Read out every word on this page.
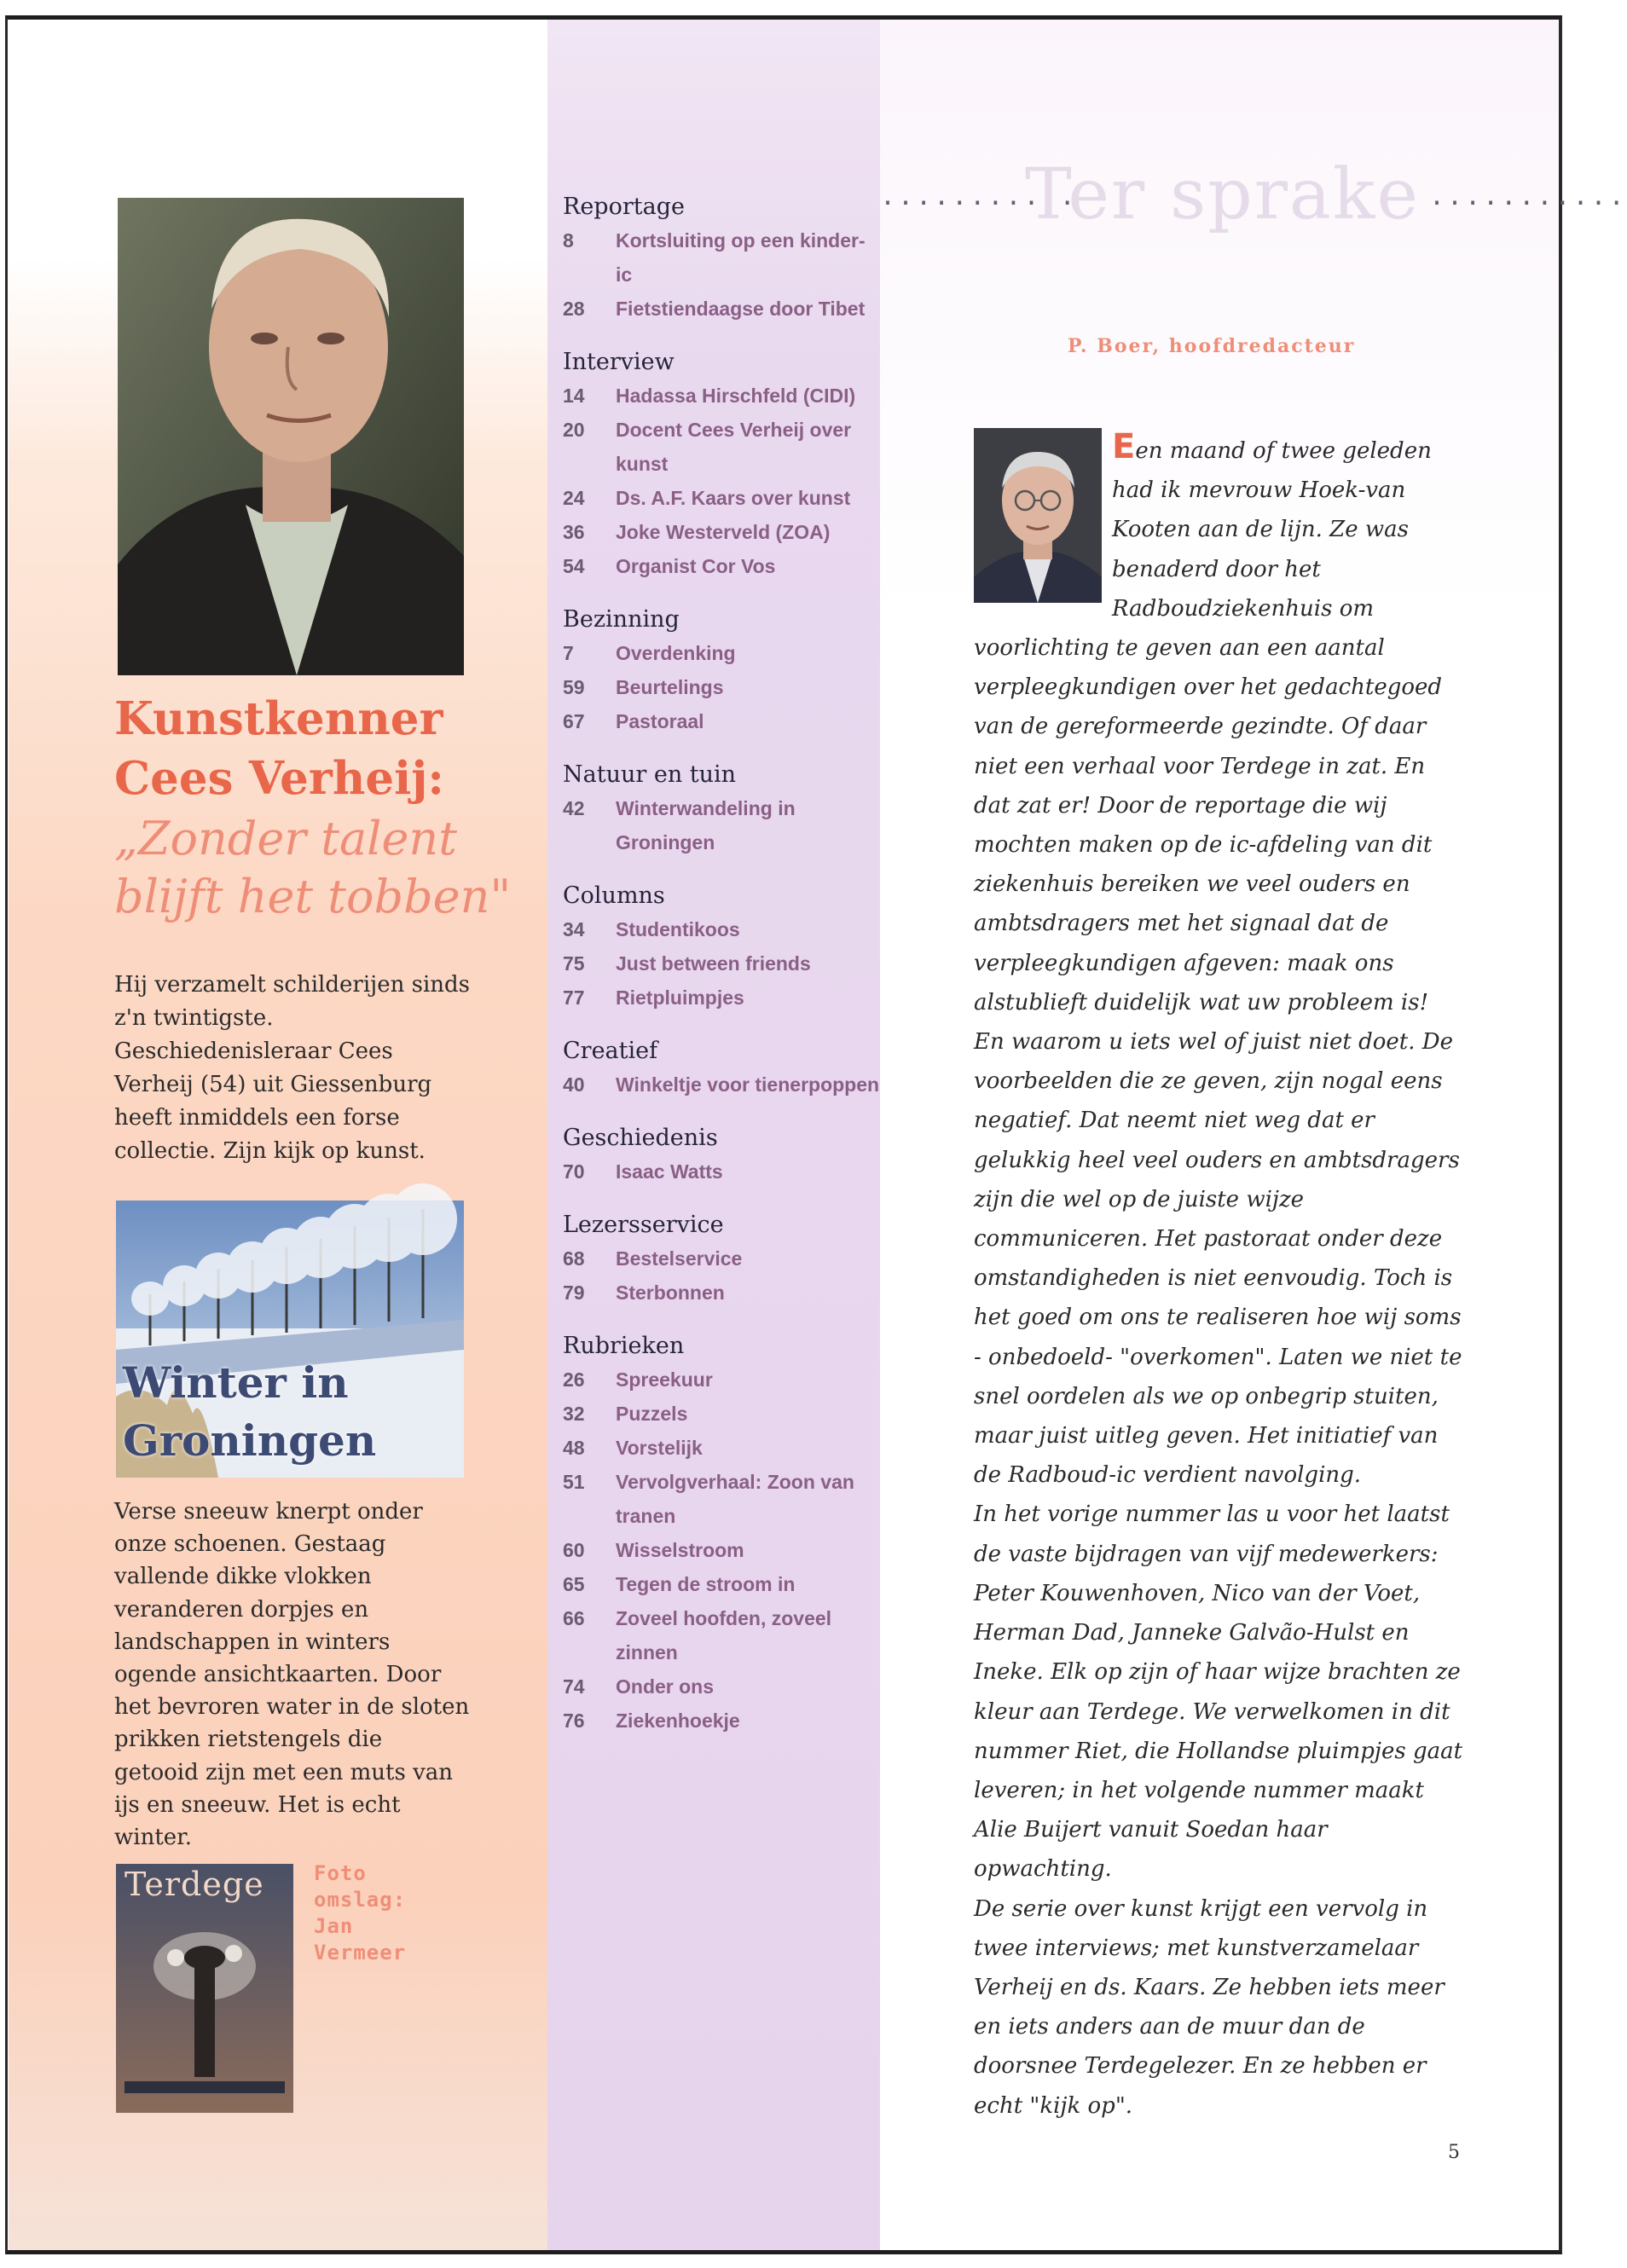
Kunstkenner
Cees Verheij:
„Zonder talent
blijft het tobben"
Hij verzamelt schilderijen sinds z'n twintigste. Geschiedenisleraar Cees Verheij (54) uit Giessenburg heeft inmiddels een forse collectie. Zijn kijk op kunst.
Winter in
Groningen
Verse sneeuw knerpt onder onze schoenen. Gestaag vallende dikke vlokken veranderen dorpjes en landschappen in winters ogende ansichtkaarten. Door het bevroren water in de sloten prikken rietstengels die getooid zijn met een muts van ijs en sneeuw. Het is echt winter.
Terdege Foto omslag: Jan Vermeer
Reportage
8	Kortsluiting op een kinder-ic
28	Fietstiendaagse door Tibet
Interview
14	Hadassa Hirschfeld (CIDI)
20	Docent Cees Verheij over kunst
24	Ds. A.F. Kaars over kunst
36	Joke Westerveld (ZOA)
54	Organist Cor Vos
Bezinning
7	Overdenking
59	Beurtelings
67	Pastoraal
Natuur en tuin
42	Winterwandeling in Groningen
Columns
34	Studentikoos
75	Just between friends
77	Rietpluimpjes
Creatief
40	Winkeltje voor tienerpoppen
Geschiedenis
70	Isaac Watts
Lezersservice
68	Bestelservice
79	Sterbonnen
Rubrieken
26	Spreekuur
32	Puzzels
48	Vorstelijk
51	Vervolgverhaal: Zoon van tranen
60	Wisselstroom
65	Tegen de stroom in
66	Zoveel hoofden, zoveel zinnen
74	Onder ons
76	Ziekenhoekje
...........
Ter sprake ...........
P. Boer, hoofdredacteur

Een maand of twee geleden had ik mevrouw Hoek-van Kooten aan de lijn. Ze was benaderd door het Radboudziekenhuis om voorlichting te geven aan een aantal verpleegkundigen over het gedachtegoed van de gereformeerde gezindte. Of daar niet een verhaal voor Terdege in zat. En dat zat er! Door de reportage die wij mochten maken op de ic-afdeling van dit ziekenhuis bereiken we veel ouders en ambtsdragers met het signaal dat de verpleegkundigen afgeven: maak ons alstublieft duidelijk wat uw probleem is! En waarom u iets wel of juist niet doet. De voorbeelden die ze geven, zijn nogal eens negatief. Dat neemt niet weg dat er gelukkig heel veel ouders en ambtsdragers zijn die wel op de juiste wijze communiceren. Het pastoraat onder deze omstandigheden is niet eenvoudig. Toch is het goed om ons te realiseren hoe wij soms - onbedoeld- "overkomen". Laten we niet te snel oordelen als we op onbegrip stuiten, maar juist uitleg geven. Het initiatief van de Radboud-ic verdient navolging.

In het vorige nummer las u voor het laatst de vaste bijdragen van vijf medewerkers: Peter Kouwenhoven, Nico van der Voet, Herman Dad, Janneke Galvão-Hulst en Ineke. Elk op zijn of haar wijze brachten ze kleur aan Terdege. We verwelkomen in dit nummer Riet, die Hollandse pluimpjes gaat leveren; in het volgende nummer maakt Alie Buijert vanuit Soedan haar opwachting.

De serie over kunst krijgt een vervolg in twee interviews; met kunstverzamelaar Verheij en ds. Kaars. Ze hebben iets meer en iets anders aan de muur dan de doorsnee Terdegelezer. En ze hebben er echt "kijk op".

5
